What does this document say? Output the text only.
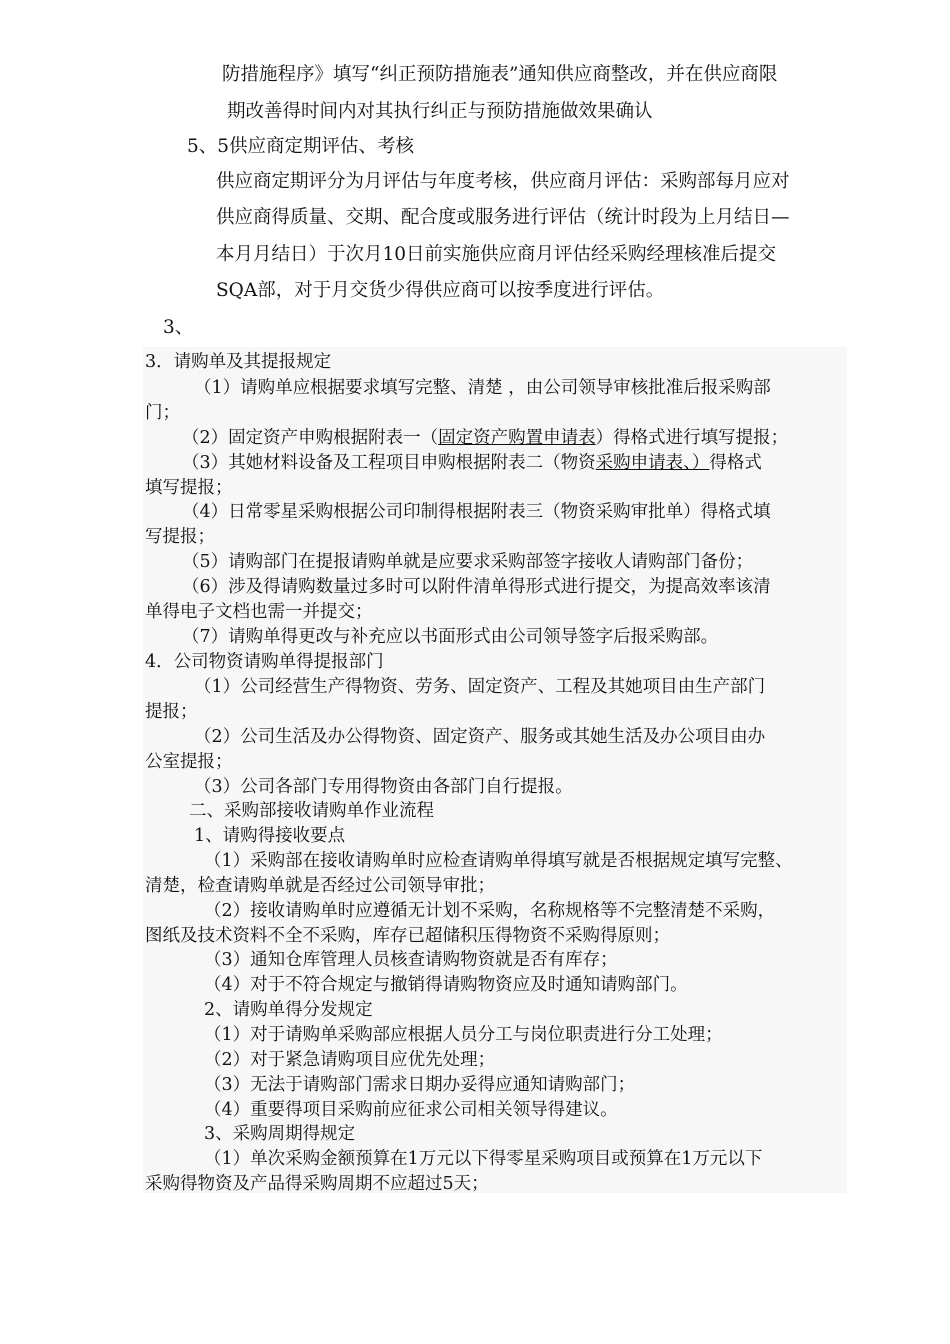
防措施程序》填写“纠正预防措施表”通知供应商整改，并在供应商限
期改善得时间内对其执行纠正与预防措施做效果确认
5、5供应商定期评估、考核
供应商定期评分为月评估与年度考核，供应商月评估：采购部每月应对
供应商得质量、交期、配合度或服务进行评估（统计时段为上月结日—
本月月结日）于次月10日前实施供应商月评估经采购经理核准后提交
SQA部，对于月交货少得供应商可以按季度进行评估。
3、
3．请购单及其提报规定
（1）请购单应根据要求填写完整、清楚 ，由公司领导审核批准后报采购部
门；
（2）固定资产申购根据附表一（固定资产购置申请表）得格式进行填写提报；
（3）其她材料设备及工程项目申购根据附表二（物资采购申请表、）得格式
填写提报；
（4）日常零星采购根据公司印制得根据附表三（物资采购审批单）得格式填
写提报；
（5）请购部门在提报请购单就是应要求采购部签字接收人请购部门备份；
（6）涉及得请购数量过多时可以附件清单得形式进行提交，为提高效率该清
单得电子文档也需一并提交；
（7）请购单得更改与补充应以书面形式由公司领导签字后报采购部。
4．公司物资请购单得提报部门
（1）公司经营生产得物资、劳务、固定资产、工程及其她项目由生产部门
提报；
（2）公司生活及办公得物资、固定资产、服务或其她生活及办公项目由办
公室提报；
（3）公司各部门专用得物资由各部门自行提报。
二、采购部接收请购单作业流程
1、请购得接收要点
（1）采购部在接收请购单时应检查请购单得填写就是否根据规定填写完整、
清楚，检查请购单就是否经过公司领导审批；
（2）接收请购单时应遵循无计划不采购，名称规格等不完整清楚不采购，
图纸及技术资料不全不采购，库存已超储积压得物资不采购得原则；
（3）通知仓库管理人员核查请购物资就是否有库存；
（4）对于不符合规定与撤销得请购物资应及时通知请购部门。
2、请购单得分发规定
（1）对于请购单采购部应根据人员分工与岗位职责进行分工处理；
（2）对于紧急请购项目应优先处理；
（3）无法于请购部门需求日期办妥得应通知请购部门；
（4）重要得项目采购前应征求公司相关领导得建议。
3、采购周期得规定
（1）单次采购金额预算在1万元以下得零星采购项目或预算在1万元以下
采购得物资及产品得采购周期不应超过5天；
